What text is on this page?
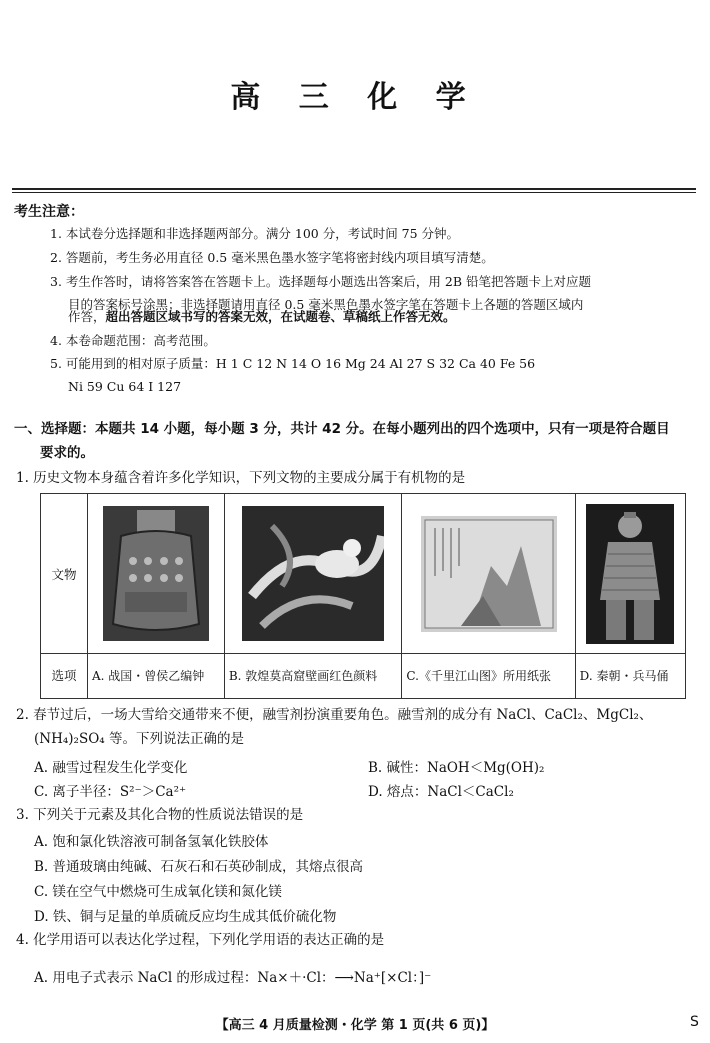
高 三 化 学
考生注意：
1. 本试卷分选择题和非选择题两部分。满分 100 分，考试时间 75 分钟。
2. 答题前，考生务必用直径 0.5 毫米黑色墨水签字笔将密封线内项目填写清楚。
3. 考生作答时，请将答案答在答题卡上。选择题每小题选出答案后，用 2B 铅笔把答题卡上对应题
目的答案标号涂黑；非选择题请用直径 0.5 毫米黑色墨水签字笔在答题卡上各题的答题区域内
作答，超出答题区域书写的答案无效，在试题卷、草稿纸上作答无效。
4. 本卷命题范围：高考范围。
5. 可能用到的相对原子质量：H 1 C 12 N 14 O 16 Mg 24 Al 27 S 32 Ca 40 Fe 56
Ni 59 Cu 64 I 127
一、选择题：本题共 14 小题，每小题 3 分，共计 42 分。在每小题列出的四个选项中，只有一项是符合题目
要求的。
1. 历史文物本身蕴含着许多化学知识，下列文物的主要成分属于有机物的是
文物				
选项	A. 战国・曾侯乙编钟	B. 敦煌莫高窟壁画红色颜料	C.《千里江山图》所用纸张	D. 秦朝・兵马俑
2. 春节过后，一场大雪给交通带来不便，融雪剂扮演重要角色。融雪剂的成分有 NaCl、CaCl₂、MgCl₂、
(NH₄)₂SO₄ 等。下列说法正确的是
A. 融雪过程发生化学变化	B. 碱性：NaOH＜Mg(OH)₂
C. 离子半径：S²⁻＞Ca²⁺	D. 熔点：NaCl＜CaCl₂
3. 下列关于元素及其化合物的性质说法错误的是
A. 饱和氯化铁溶液可制备氢氧化铁胶体
B. 普通玻璃由纯碱、石灰石和石英砂制成，其熔点很高
C. 镁在空气中燃烧可生成氧化镁和氮化镁
D. 铁、铜与足量的单质硫反应均生成其低价硫化物
4. 化学用语可以表达化学过程，下列化学用语的表达正确的是
A. 用电子式表示 NaCl 的形成过程：Na×＋·Cl：⟶Na⁺[×Cl：]⁻
【高三 4 月质量检测・化学 第 1 页(共 6 页)】	S
